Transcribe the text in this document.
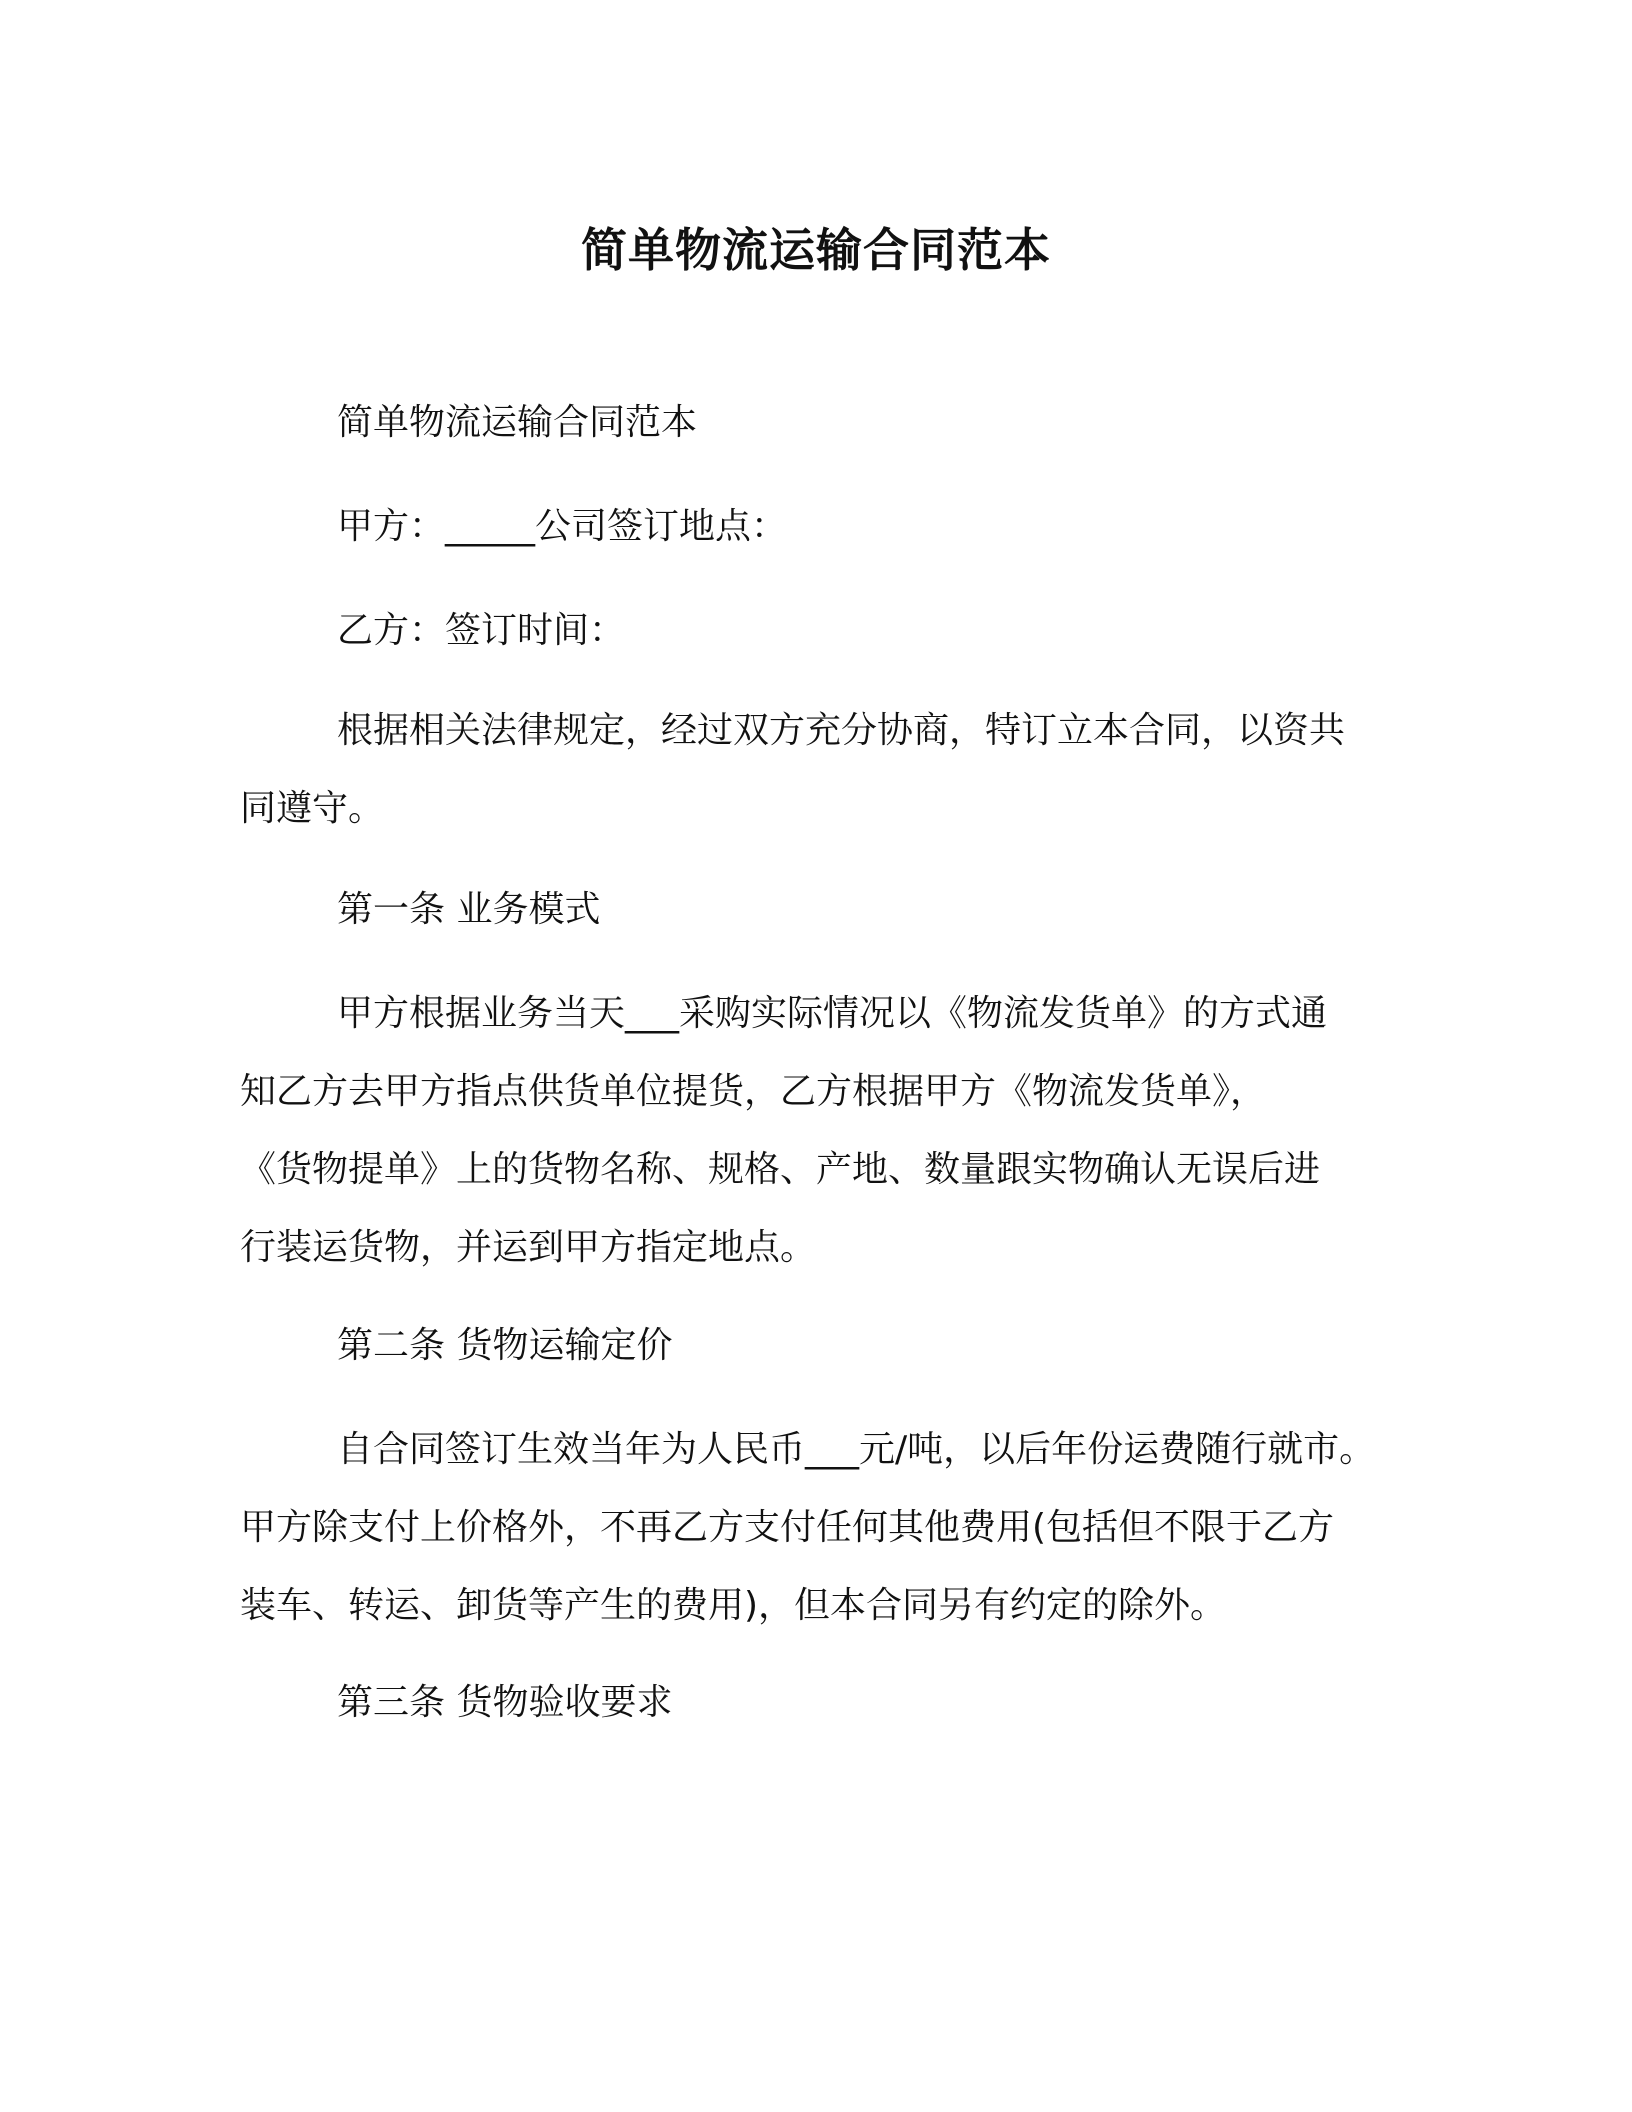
简单物流运输合同范本
简单物流运输合同范本
甲方：_____公司签订地点：
乙方：签订时间：
根据相关法律规定，经过双方充分协商，特订立本合同，以资共
同遵守。
第一条 业务模式
甲方根据业务当天___采购实际情况以《物流发货单》的方式通
知乙方去甲方指点供货单位提货，乙方根据甲方《物流发货单》，
《货物提单》上的货物名称、规格、产地、数量跟实物确认无误后进
行装运货物，并运到甲方指定地点。
第二条 货物运输定价
自合同签订生效当年为人民币___元/吨，以后年份运费随行就市。
甲方除支付上价格外，不再乙方支付任何其他费用(包括但不限于乙方
装车、转运、卸货等产生的费用)，但本合同另有约定的除外。
第三条 货物验收要求
